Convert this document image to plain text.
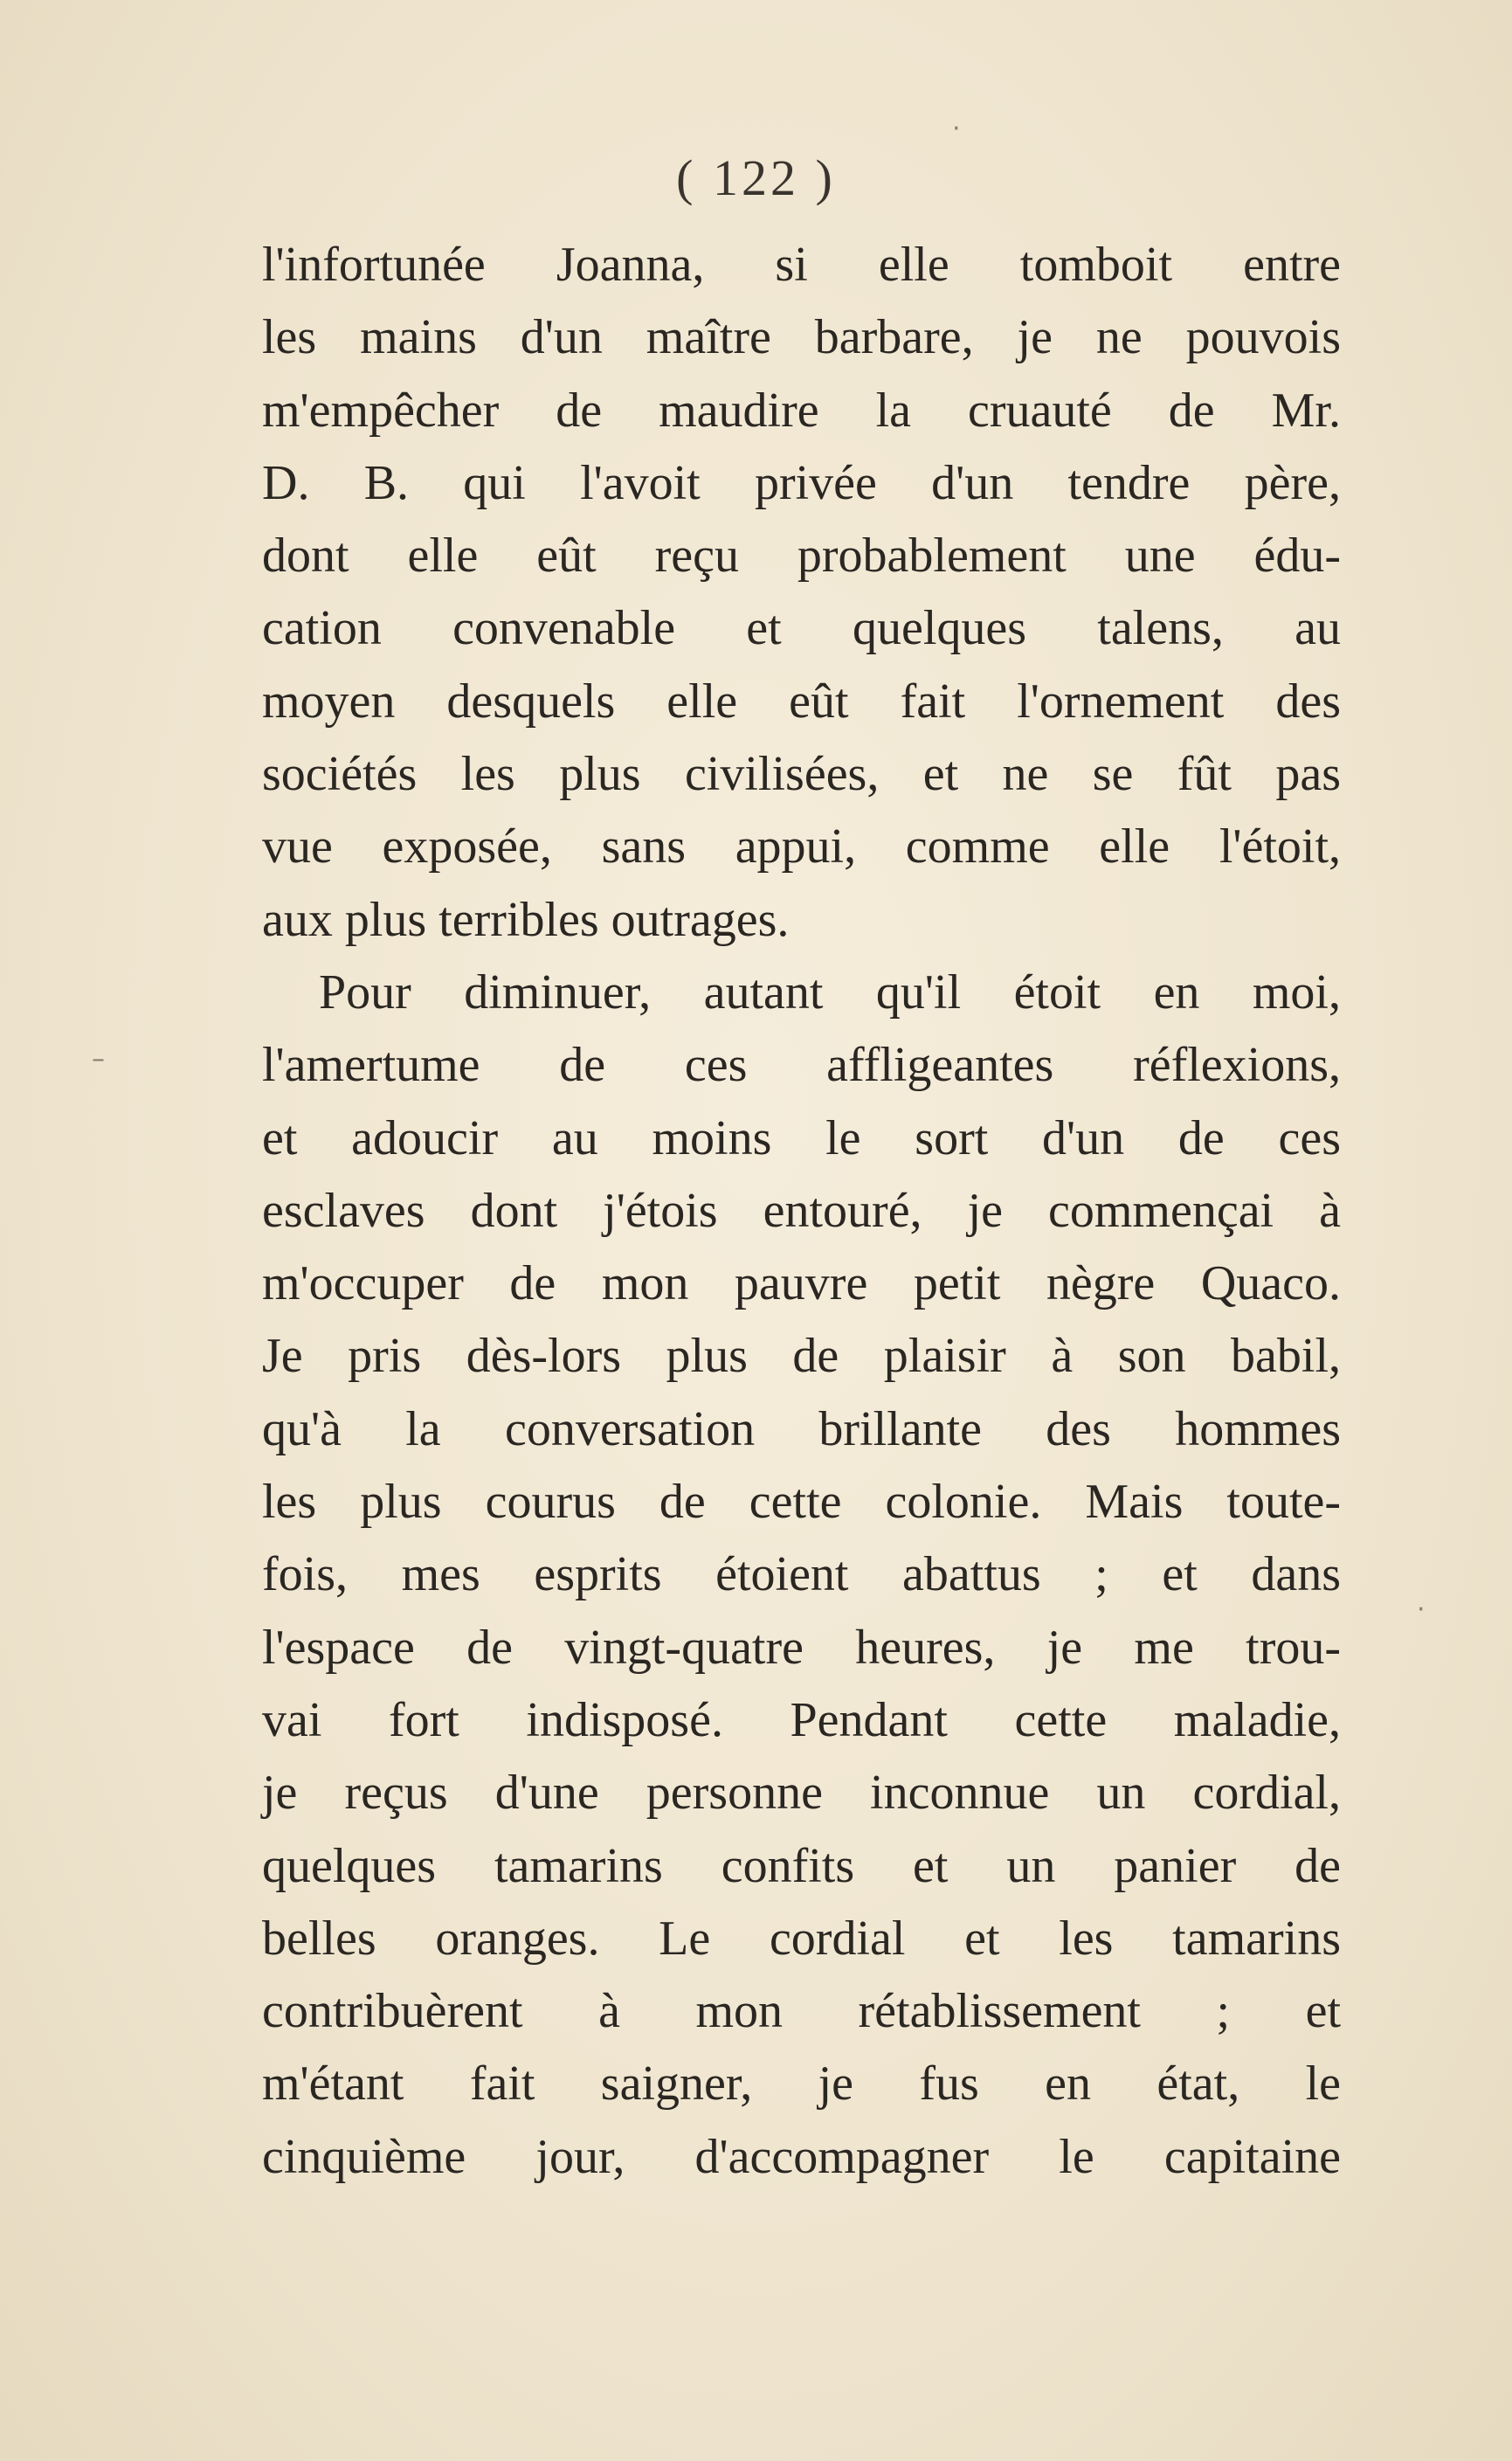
( 122 )
l'infortunée Joanna, si elle tomboit entre
les mains d'un maître barbare, je ne pouvois
m'empêcher de maudire la cruauté de Mr.
D. B. qui l'avoit privée d'un tendre père,
dont elle eût reçu probablement une édu-
cation convenable et quelques talens, au
moyen desquels elle eût fait l'ornement des
sociétés les plus civilisées, et ne se fût pas
vue exposée, sans appui, comme elle l'étoit,
aux plus terribles outrages.
Pour diminuer, autant qu'il étoit en moi,
l'amertume de ces affligeantes réflexions,
et adoucir au moins le sort d'un de ces
esclaves dont j'étois entouré, je commençai à
m'occuper de mon pauvre petit nègre Quaco.
Je pris dès-lors plus de plaisir à son babil,
qu'à la conversation brillante des hommes
les plus courus de cette colonie. Mais toute-
fois, mes esprits étoient abattus ; et dans
l'espace de vingt-quatre heures, je me trou-
vai fort indisposé. Pendant cette maladie,
je reçus d'une personne inconnue un cordial,
quelques tamarins confits et un panier de
belles oranges. Le cordial et les tamarins
contribuèrent à mon rétablissement ; et
m'étant fait saigner, je fus en état, le
cinquième jour, d'accompagner le capitaine
–
·
·
